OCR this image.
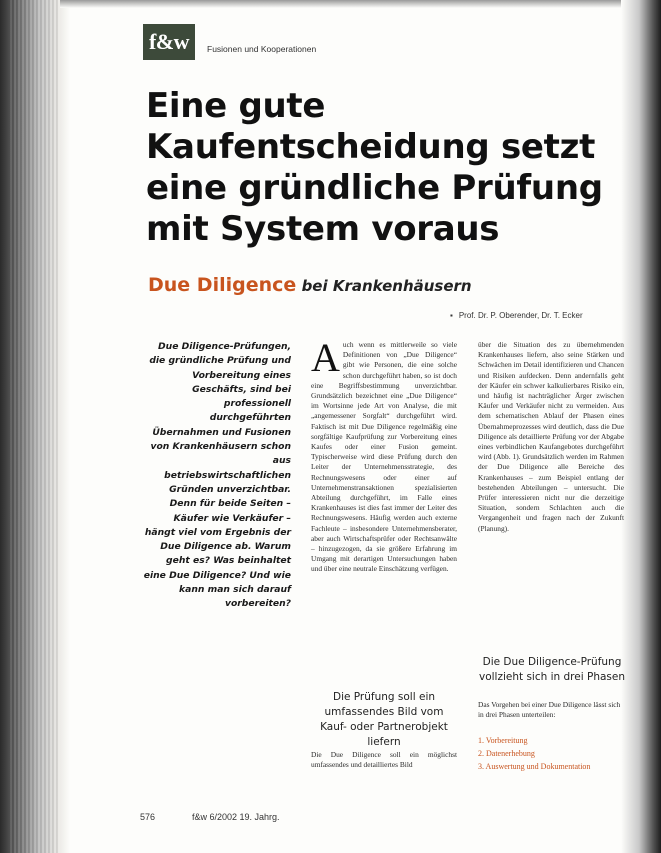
f&w	Fusionen und Kooperationen
Eine gute Kaufentscheidung setzt eine gründliche Prüfung mit System voraus
Due Diligence bei Krankenhäusern
▪ Prof. Dr. P. Oberender, Dr. T. Ecker

Due Diligence-Prüfungen, die gründliche Prüfung und Vorbereitung eines Geschäfts, sind bei professionell durchgeführten Übernahmen und Fusionen von Krankenhäusern schon aus betriebswirtschaftlichen Gründen unverzichtbar. Denn für beide Seiten – Käufer wie Verkäufer – hängt viel vom Ergebnis der Due Diligence ab. Warum geht es? Was beinhaltet eine Due Diligence? Und wie kann man sich darauf vorbereiten?

A uch wenn es mittlerweile so viele Definitionen von „Due Diligence“ gibt wie Personen, die eine solche schon durchgeführt haben, so ist doch eine Begriffsbestimmung unverzichtbar. Grundsätzlich bezeichnet eine „Due Diligence“ im Wortsinne jede Art von Analyse, die mit „angemessener Sorgfalt“ durchgeführt wird. Faktisch ist mit Due Diligence regelmäßig eine sorgfältige Kaufprüfung zur Vorbereitung eines Kaufes oder einer Fusion gemeint. Typischerweise wird diese Prüfung durch den Leiter der Unternehmensstrategie, des Rechnungswesens oder einer auf Unternehmenstransaktionen spezialisierten Abteilung durchgeführt, im Falle eines Krankenhauses ist dies fast immer der Leiter des Rechnungswesens. Häufig werden auch externe Fachleute – insbesondere Unternehmensberater, aber auch Wirtschaftsprüfer oder Rechtsanwälte – hinzugezogen, da sie größere Erfahrung im Umgang mit derartigen Untersuchungen haben und über eine neutrale Einschätzung verfügen.
Die Prüfung soll ein umfassendes Bild vom Kauf- oder Partnerobjekt liefern
Die Due Diligence soll ein möglichst umfassendes und detailliertes Bild
über die Situation des zu übernehmenden Krankenhauses liefern, also seine Stärken und Schwächen im Detail identifizieren und Chancen und Risiken aufdecken. Denn andernfalls geht der Käufer ein schwer kalkulierbares Risiko ein, und häufig ist nachträglicher Ärger zwischen Käufer und Verkäufer nicht zu vermeiden. Aus dem schematischen Ablauf der Phasen eines Übernahmeprozesses wird deutlich, dass die Due Diligence als detaillierte Prüfung vor der Abgabe eines verbindlichen Kaufangebotes durchgeführt wird (Abb. 1). Grundsätzlich werden im Rahmen der Due Diligence alle Bereiche des Krankenhauses – zum Beispiel entlang der bestehenden Abteilungen – untersucht. Die Prüfer interessieren nicht nur die derzeitige Situation, sondern Schlachten auch die Vergangenheit und fragen nach der Zukunft (Planung).
Die Due Diligence-Prüfung vollzieht sich in drei Phasen
Das Vorgehen bei einer Due Diligence lässt sich in drei Phasen unterteilen:
1. Vorbereitung
2. Datenerhebung
3. Auswertung und Dokumentation
576	f&w 6/2002 19. Jahrg.
